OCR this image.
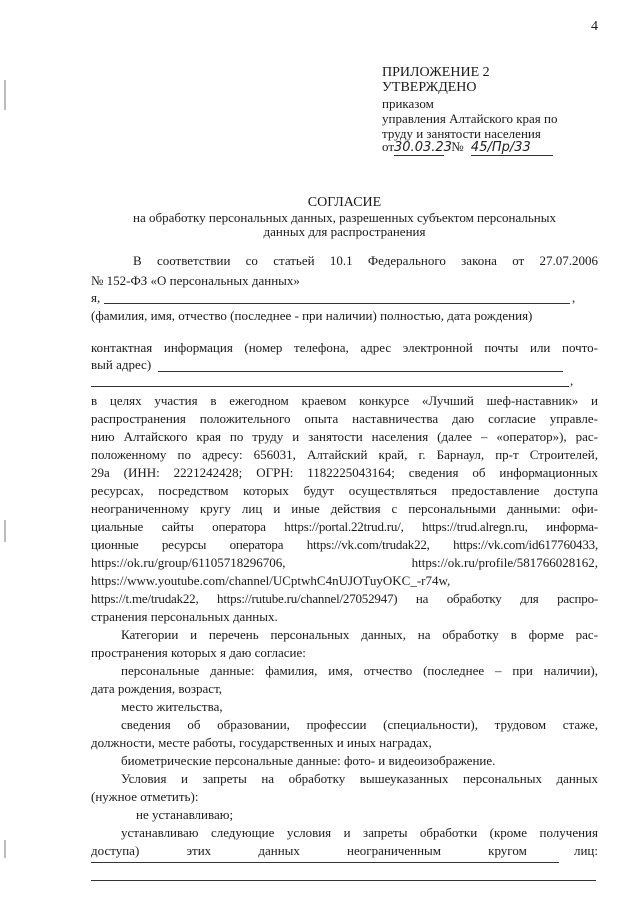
4
ПРИЛОЖЕНИЕ 2
УТВЕРЖДЕНО
приказом
управления Алтайского края по
труду и занятости населения
от30.03.23 № 45/Пр/33
СОГЛАСИЕ
на обработку персональных данных, разрешенных субъектом персональных
данных для распространения
В соответствии со статьей 10.1 Федерального закона от 27.07.2006
№ 152-ФЗ «О персональных данных»
я,	,
(фамилия, имя, отчество (последнее - при наличии) полностью, дата рождения)
контактная информация (номер телефона, адрес электронной почты или почто-
вый адрес)
,
в целях участия в ежегодном краевом конкурсе «Лучший шеф-наставник» и
распространения положительного опыта наставничества даю согласие управле-
нию Алтайского края по труду и занятости населения (далее – «оператор»), рас-
положенному по адресу: 656031, Алтайский край, г. Барнаул, пр-т Строителей,
29а (ИНН: 2221242428; ОГРН: 1182225043164; сведения об информационных
ресурсах, посредством которых будут осуществляться предоставление доступа
неограниченному кругу лиц и иные действия с персональными данными: офи-
циальные сайты оператора https://portal.22trud.ru/, https://trud.alregn.ru, информа-
ционные ресурсы оператора https://vk.com/trudak22, https://vk.com/id617760433,
https://ok.ru/group/61105718296706,	https://ok.ru/profile/581766028162,
https://www.youtube.com/channel/UCptwhC4nUJOTuyOKC_-r74w,
https://t.me/trudak22, https://rutube.ru/channel/27052947) на обработку для распро-
странения персональных данных.
Категории и перечень персональных данных, на обработку в форме рас-
пространения которых я даю согласие:
персональные данные: фамилия, имя, отчество (последнее – при наличии),
дата рождения, возраст,
место жительства,
сведения об образовании, профессии (специальности), трудовом стаже,
должности, месте работы, государственных и иных наградах,
биометрические персональные данные: фото- и видеоизображение.
Условия и запреты на обработку вышеуказанных персональных данных
(нужное отметить):
не устанавливаю;
устанавливаю следующие условия и запреты обработки (кроме получения
доступа) этих данных неограниченным кругом лиц:
